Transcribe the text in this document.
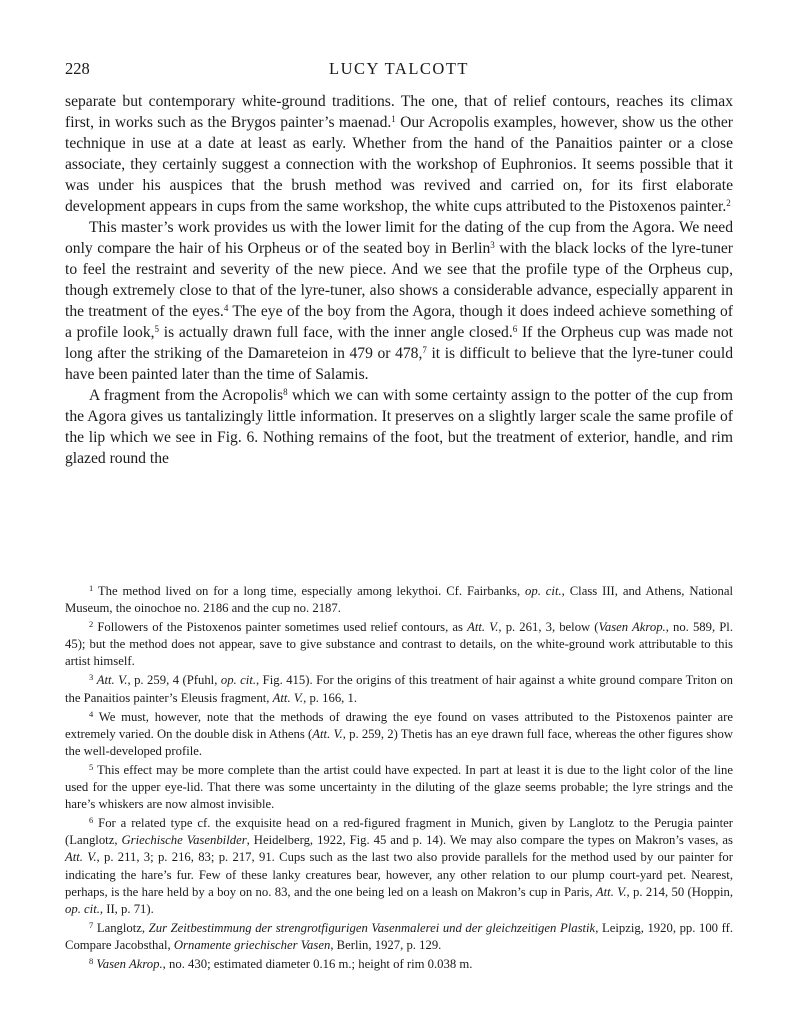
228	LUCY TALCOTT

separate but contemporary white-ground traditions. The one, that of relief contours, reaches its climax first, in works such as the Brygos painter’s maenad.$^1$ Our Acropolis examples, however, show us the other technique in use at a date at least as early. Whether from the hand of the Panaitios painter or a close associate, they certainly suggest a connection with the workshop of Euphronios. It seems possible that it was under his auspices that the brush method was revived and carried on, for its first elaborate development appears in cups from the same workshop, the white cups attributed to the Pistoxenos painter.$^2$

This master’s work provides us with the lower limit for the dating of the cup from the Agora. We need only compare the hair of his Orpheus or of the seated boy in Berlin$^3$ with the black locks of the lyre-tuner to feel the restraint and severity of the new piece. And we see that the profile type of the Orpheus cup, though extremely close to that of the lyre-tuner, also shows a considerable advance, especially apparent in the treatment of the eyes.$^4$ The eye of the boy from the Agora, though it does indeed achieve something of a profile look,$^5$ is actually drawn full face, with the inner angle closed.$^6$ If the Orpheus cup was made not long after the striking of the Damareteion in 479 or 478,$^7$ it is difficult to believe that the lyre-tuner could have been painted later than the time of Salamis.

A fragment from the Acropolis$^8$ which we can with some certainty assign to the potter of the cup from the Agora gives us tantalizingly little information. It preserves on a slightly larger scale the same profile of the lip which we see in Fig. 6. Nothing remains of the foot, but the treatment of exterior, handle, and rim glazed round the

$^1$ The method lived on for a long time, especially among lekythoi. Cf. Fairbanks, op. cit., Class III, and Athens, National Museum, the oinochoe no. 2186 and the cup no. 2187.

$^2$ Followers of the Pistoxenos painter sometimes used relief contours, as Att. V., p. 261, 3, below (Vasen Akrop., no. 589, Pl. 45); but the method does not appear, save to give substance and contrast to details, on the white-ground work attributable to this artist himself.

$^3$ Att. V., p. 259, 4 (Pfuhl, op. cit., Fig. 415). For the origins of this treatment of hair against a white ground compare Triton on the Panaitios painter’s Eleusis fragment, Att. V., p. 166, 1.

$^4$ We must, however, note that the methods of drawing the eye found on vases attributed to the Pistoxenos painter are extremely varied. On the double disk in Athens (Att. V., p. 259, 2) Thetis has an eye drawn full face, whereas the other figures show the well-developed profile.

$^5$ This effect may be more complete than the artist could have expected. In part at least it is due to the light color of the line used for the upper eye-lid. That there was some uncertainty in the diluting of the glaze seems probable; the lyre strings and the hare’s whiskers are now almost invisible.

$^6$ For a related type cf. the exquisite head on a red-figured fragment in Munich, given by Langlotz to the Perugia painter (Langlotz, Griechische Vasenbilder, Heidelberg, 1922, Fig. 45 and p. 14). We may also compare the types on Makron’s vases, as Att. V., p. 211, 3; p. 216, 83; p. 217, 91. Cups such as the last two also provide parallels for the method used by our painter for indicating the hare’s fur. Few of these lanky creatures bear, however, any other relation to our plump court-yard pet. Nearest, perhaps, is the hare held by a boy on no. 83, and the one being led on a leash on Makron’s cup in Paris, Att. V., p. 214, 50 (Hoppin, op. cit., II, p. 71).

$^7$ Langlotz, Zur Zeitbestimmung der strengrotfigurigen Vasenmalerei und der gleichzeitigen Plastik, Leipzig, 1920, pp. 100 ff. Compare Jacobsthal, Ornamente griechischer Vasen, Berlin, 1927, p. 129.

$^8$ Vasen Akrop., no. 430; estimated diameter 0.16 m.; height of rim 0.038 m.
